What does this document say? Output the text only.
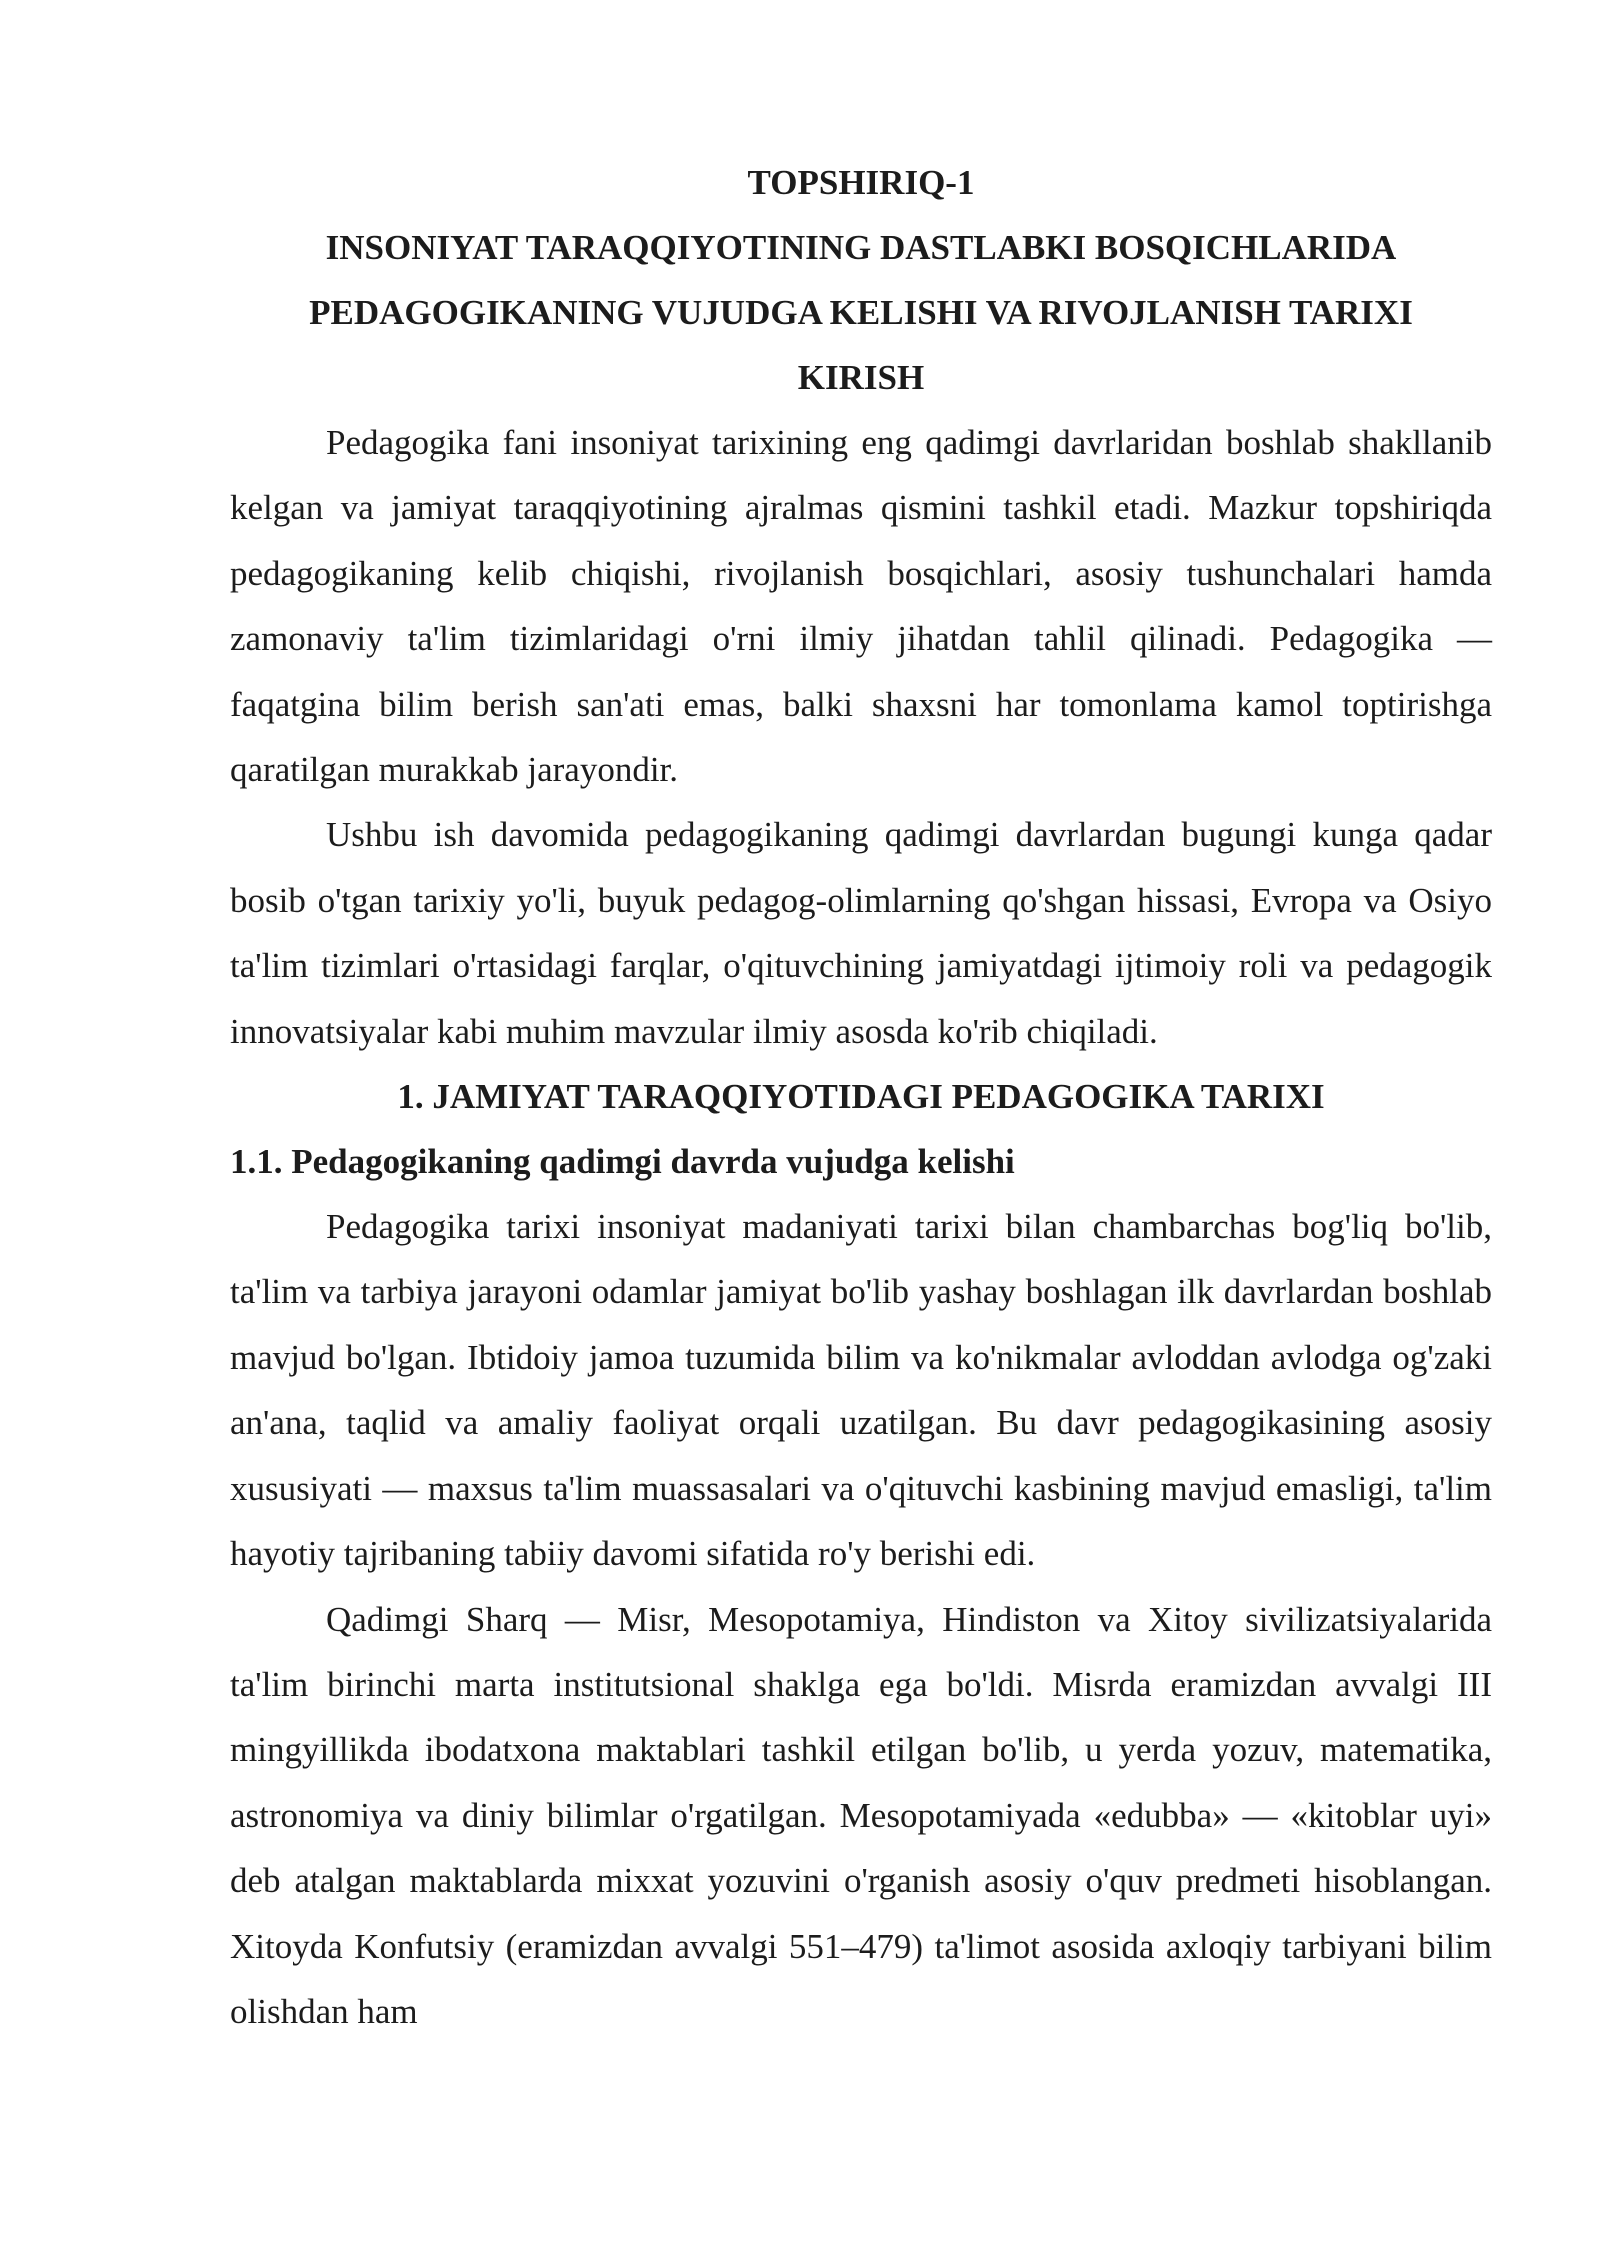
TOPSHIRIQ-1

INSONIYAT TARAQQIYOTINING DASTLABKI BOSQICHLARIDA

PEDAGOGIKANING VUJUDGA KELISHI VA RIVOJLANISH TARIXI

KIRISH

Pedagogika fani insoniyat tarixining eng qadimgi davrlaridan boshlab shakllanib kelgan va jamiyat taraqqiyotining ajralmas qismini tashkil etadi. Mazkur topshiriqda pedagogikaning kelib chiqishi, rivojlanish bosqichlari, asosiy tushunchalari hamda zamonaviy ta'lim tizimlaridagi o'rni ilmiy jihatdan tahlil qilinadi. Pedagogika — faqatgina bilim berish san'ati emas, balki shaxsni har tomonlama kamol toptirishga qaratilgan murakkab jarayondir.

Ushbu ish davomida pedagogikaning qadimgi davrlardan bugungi kunga qadar bosib o'tgan tarixiy yo'li, buyuk pedagog-olimlarning qo'shgan hissasi, Evropa va Osiyo ta'lim tizimlari o'rtasidagi farqlar, o'qituvchining jamiyatdagi ijtimoiy roli va pedagogik innovatsiyalar kabi muhim mavzular ilmiy asosda ko'rib chiqiladi.

1. JAMIYAT TARAQQIYOTIDAGI PEDAGOGIKA TARIXI

1.1. Pedagogikaning qadimgi davrda vujudga kelishi

Pedagogika tarixi insoniyat madaniyati tarixi bilan chambarchas bog'liq bo'lib, ta'lim va tarbiya jarayoni odamlar jamiyat bo'lib yashay boshlagan ilk davrlardan boshlab mavjud bo'lgan. Ibtidoiy jamoa tuzumida bilim va ko'nikmalar avloddan avlodga og'zaki an'ana, taqlid va amaliy faoliyat orqali uzatilgan. Bu davr pedagogikasining asosiy xususiyati — maxsus ta'lim muassasalari va o'qituvchi kasbining mavjud emasligi, ta'lim hayotiy tajribaning tabiiy davomi sifatida ro'y berishi edi.

Qadimgi Sharq — Misr, Mesopotamiya, Hindiston va Xitoy sivilizatsiyalarida ta'lim birinchi marta institutsional shaklga ega bo'ldi. Misrda eramizdan avvalgi III mingyillikda ibodatxona maktablari tashkil etilgan bo'lib, u yerda yozuv, matematika, astronomiya va diniy bilimlar o'rgatilgan. Mesopotamiyada «edubba» — «kitoblar uyi» deb atalgan maktablarda mixxat yozuvini o'rganish asosiy o'quv predmeti hisoblangan. Xitoyda Konfutsiy (eramizdan avvalgi 551–479) ta'limot asosida axloqiy tarbiyani bilim olishdan ham
